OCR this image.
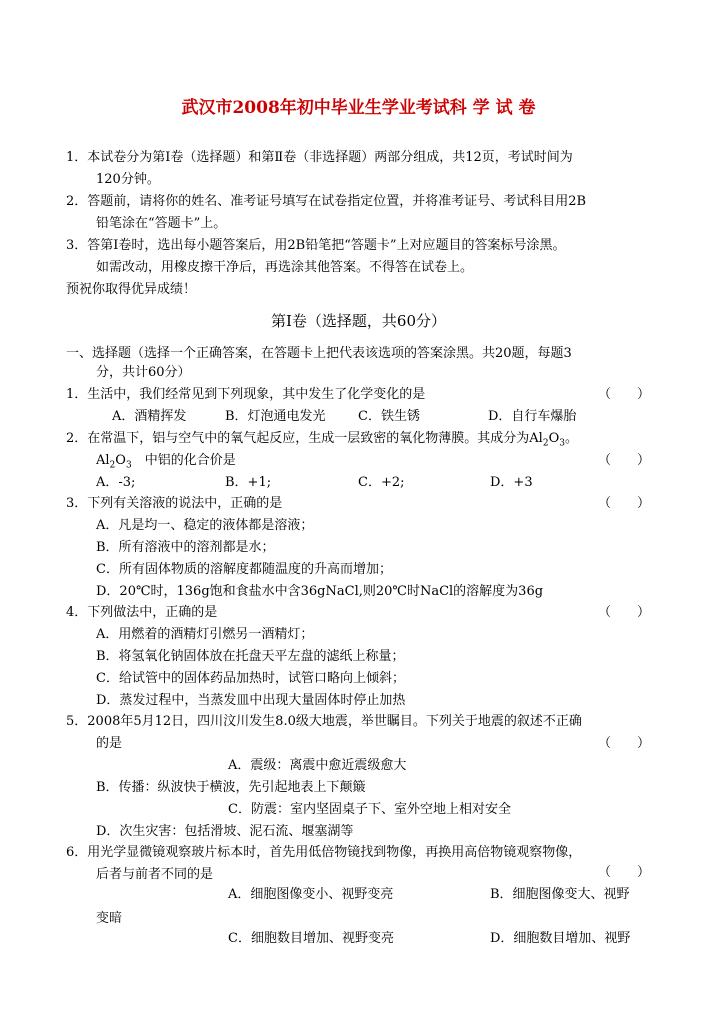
武汉市2008年初中毕业生学业考试科 学 试 卷
1．本试卷分为第Ⅰ卷（选择题）和第Ⅱ卷（非选择题）两部分组成，共12页，考试时间为
120分钟。
2．答题前，请将你的姓名、准考证号填写在试卷指定位置，并将准考证号、考试科目用2B
铅笔涂在“答题卡”上。
3．答第Ⅰ卷时，选出每小题答案后，用2B铅笔把“答题卡”上对应题目的答案标号涂黑。
如需改动，用橡皮擦干净后，再选涂其他答案。不得答在试卷上。
预祝你取得优异成绩！
第Ⅰ卷（选择题，共60分）
一、选择题（选择一个正确答案，在答题卡上把代表该选项的答案涂黑。共20题，每题3
分，共计60分）
1．生活中，我们经常见到下列现象，其中发生了化学变化的是	（　　）
A．酒精挥发	B．灯泡通电发光 C．铁生锈	D．自行车爆胎
2．在常温下，铝与空气中的氧气起反应，生成一层致密的氧化物薄膜。其成分为$Al_2O_3$。
$Al_2O_3$　中铝的化合价是	（　　）
A．-3;	B．+1;	C．+2;	D．+3
3．下列有关溶液的说法中，正确的是	（　　）
A．凡是均一、稳定的液体都是溶液；
B．所有溶液中的溶剂都是水；
C．所有固体物质的溶解度都随温度的升高而增加；
D．20℃时，136g饱和食盐水中含36gNaCl,则20℃时NaCl的溶解度为36g
4．下列做法中，正确的是	（　　）
A．用燃着的酒精灯引燃另一酒精灯；
B．将氢氧化钠固体放在托盘天平左盘的滤纸上称量；
C．给试管中的固体药品加热时，试管口略向上倾斜；
D．蒸发过程中，当蒸发皿中出现大量固体时停止加热
5．2008年5月12日，四川汶川发生8.0级大地震，举世瞩目。下列关于地震的叙述不正确
的是	（　　）
A．震级：离震中愈近震级愈大
B．传播：纵波快于横波，先引起地表上下颠簸
C．防震：室内坚固桌子下、室外空地上相对安全
D．次生灾害：包括滑坡、泥石流、堰塞湖等
6．用光学显微镜观察玻片标本时，首先用低倍物镜找到物像，再换用高倍物镜观察物像，
后者与前者不同的是	（　　）
A．细胞图像变小、视野变亮	B．细胞图像变大、视野
变暗
C．细胞数目增加、视野变亮	D．细胞数目增加、视野
